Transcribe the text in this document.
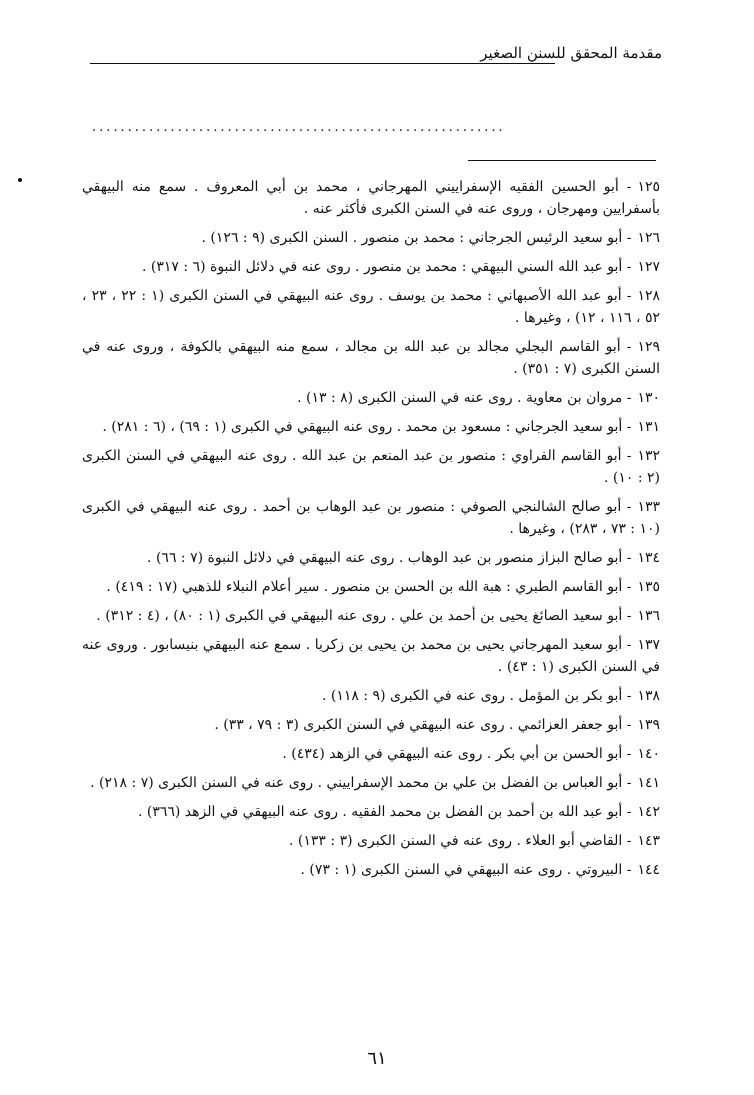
مقدمة المحقق للسنن الصغير
..........................................................

١٢٥- أبو الحسين الفقيه الإسفراييني المهرجاني ، محمد بن أبي المعروف . سمع منه البيهقي بأسفرايين ومهرجان ، وروى عنه في السنن الكبرى فأكثر عنه .

١٢٦- أبو سعيد الرئيس الجرجاني : محمد بن منصور . السنن الكبرى (٩ : ١٢٦) .

١٢٧- أبو عبد الله السني البيهقي : محمد بن منصور . روى عنه في دلائل النبوة (٦ : ٣١٧) .

١٢٨- أبو عبد الله الأصبهاني : محمد بن يوسف . روى عنه البيهقي في السنن الكبرى (١ : ٢٢ ، ٢٣ ، ٥٢ ، ١١٦ ، ١٢) ، وغيرها .

١٢٩- أبو القاسم البجلي مجالد بن عبد الله بن مجالد ، سمع منه البيهقي بالكوفة ، وروى عنه في السنن الكبرى (٧ : ٣٥١) .

١٣٠- مروان بن معاوية . روى عنه في السنن الكبرى (٨ : ١٣) .

١٣١- أبو سعيد الجرجاني : مسعود بن محمد . روى عنه البيهقي في الكبرى (١ : ٦٩) ، (٦ : ٢٨١) .

١٣٢- أبو القاسم الفراوي : منصور بن عبد المنعم بن عبد الله . روى عنه البيهقي في السنن الكبرى (٢ : ١٠) .

١٣٣- أبو صالح الشالنجي الصوفي : منصور بن عبد الوهاب بن أحمد . روى عنه البيهقي في الكبرى (١٠ : ٧٣ ، ٢٨٣) ، وغيرها .

١٣٤- أبو صالح البزاز منصور بن عبد الوهاب . روى عنه البيهقي في دلائل النبوة (٧ : ٦٦) .

١٣٥- أبو القاسم الطبري : هبة الله بن الحسن بن منصور . سير أعلام النبلاء للذهبي (١٧ : ٤١٩) .

١٣٦- أبو سعيد الصائغ يحيى بن أحمد بن علي . روى عنه البيهقي في الكبرى (١ : ٨٠) ، (٤ : ٣١٢) .

١٣٧- أبو سعيد المهرجاني يحيى بن محمد بن يحيى بن زكريا . سمع عنه البيهقي بنيسابور . وروى عنه في السنن الكبرى (١ : ٤٣) .

١٣٨- أبو بكر بن المؤمل . روى عنه في الكبرى (٩ : ١١٨) .

١٣٩- أبو جعفر العزائمي . روى عنه البيهقي في السنن الكبرى (٣ : ٧٩ ، ٣٣) .

١٤٠- أبو الحسن بن أبي بكر . روى عنه البيهقي في الزهد (٤٣٤) .

١٤١- أبو العباس بن الفضل بن علي بن محمد الإسفراييني . روى عنه في السنن الكبرى (٧ : ٢١٨) .

١٤٢- أبو عبد الله بن أحمد بن الفضل بن محمد الفقيه . روى عنه البيهقي في الزهد (٣٦٦) .

١٤٣- القاضي أبو العلاء . روى عنه في السنن الكبرى (٣ : ١٣٣) .

١٤٤- البيروتي . روى عنه البيهقي في السنن الكبرى (١ : ٧٣) .

٦١
